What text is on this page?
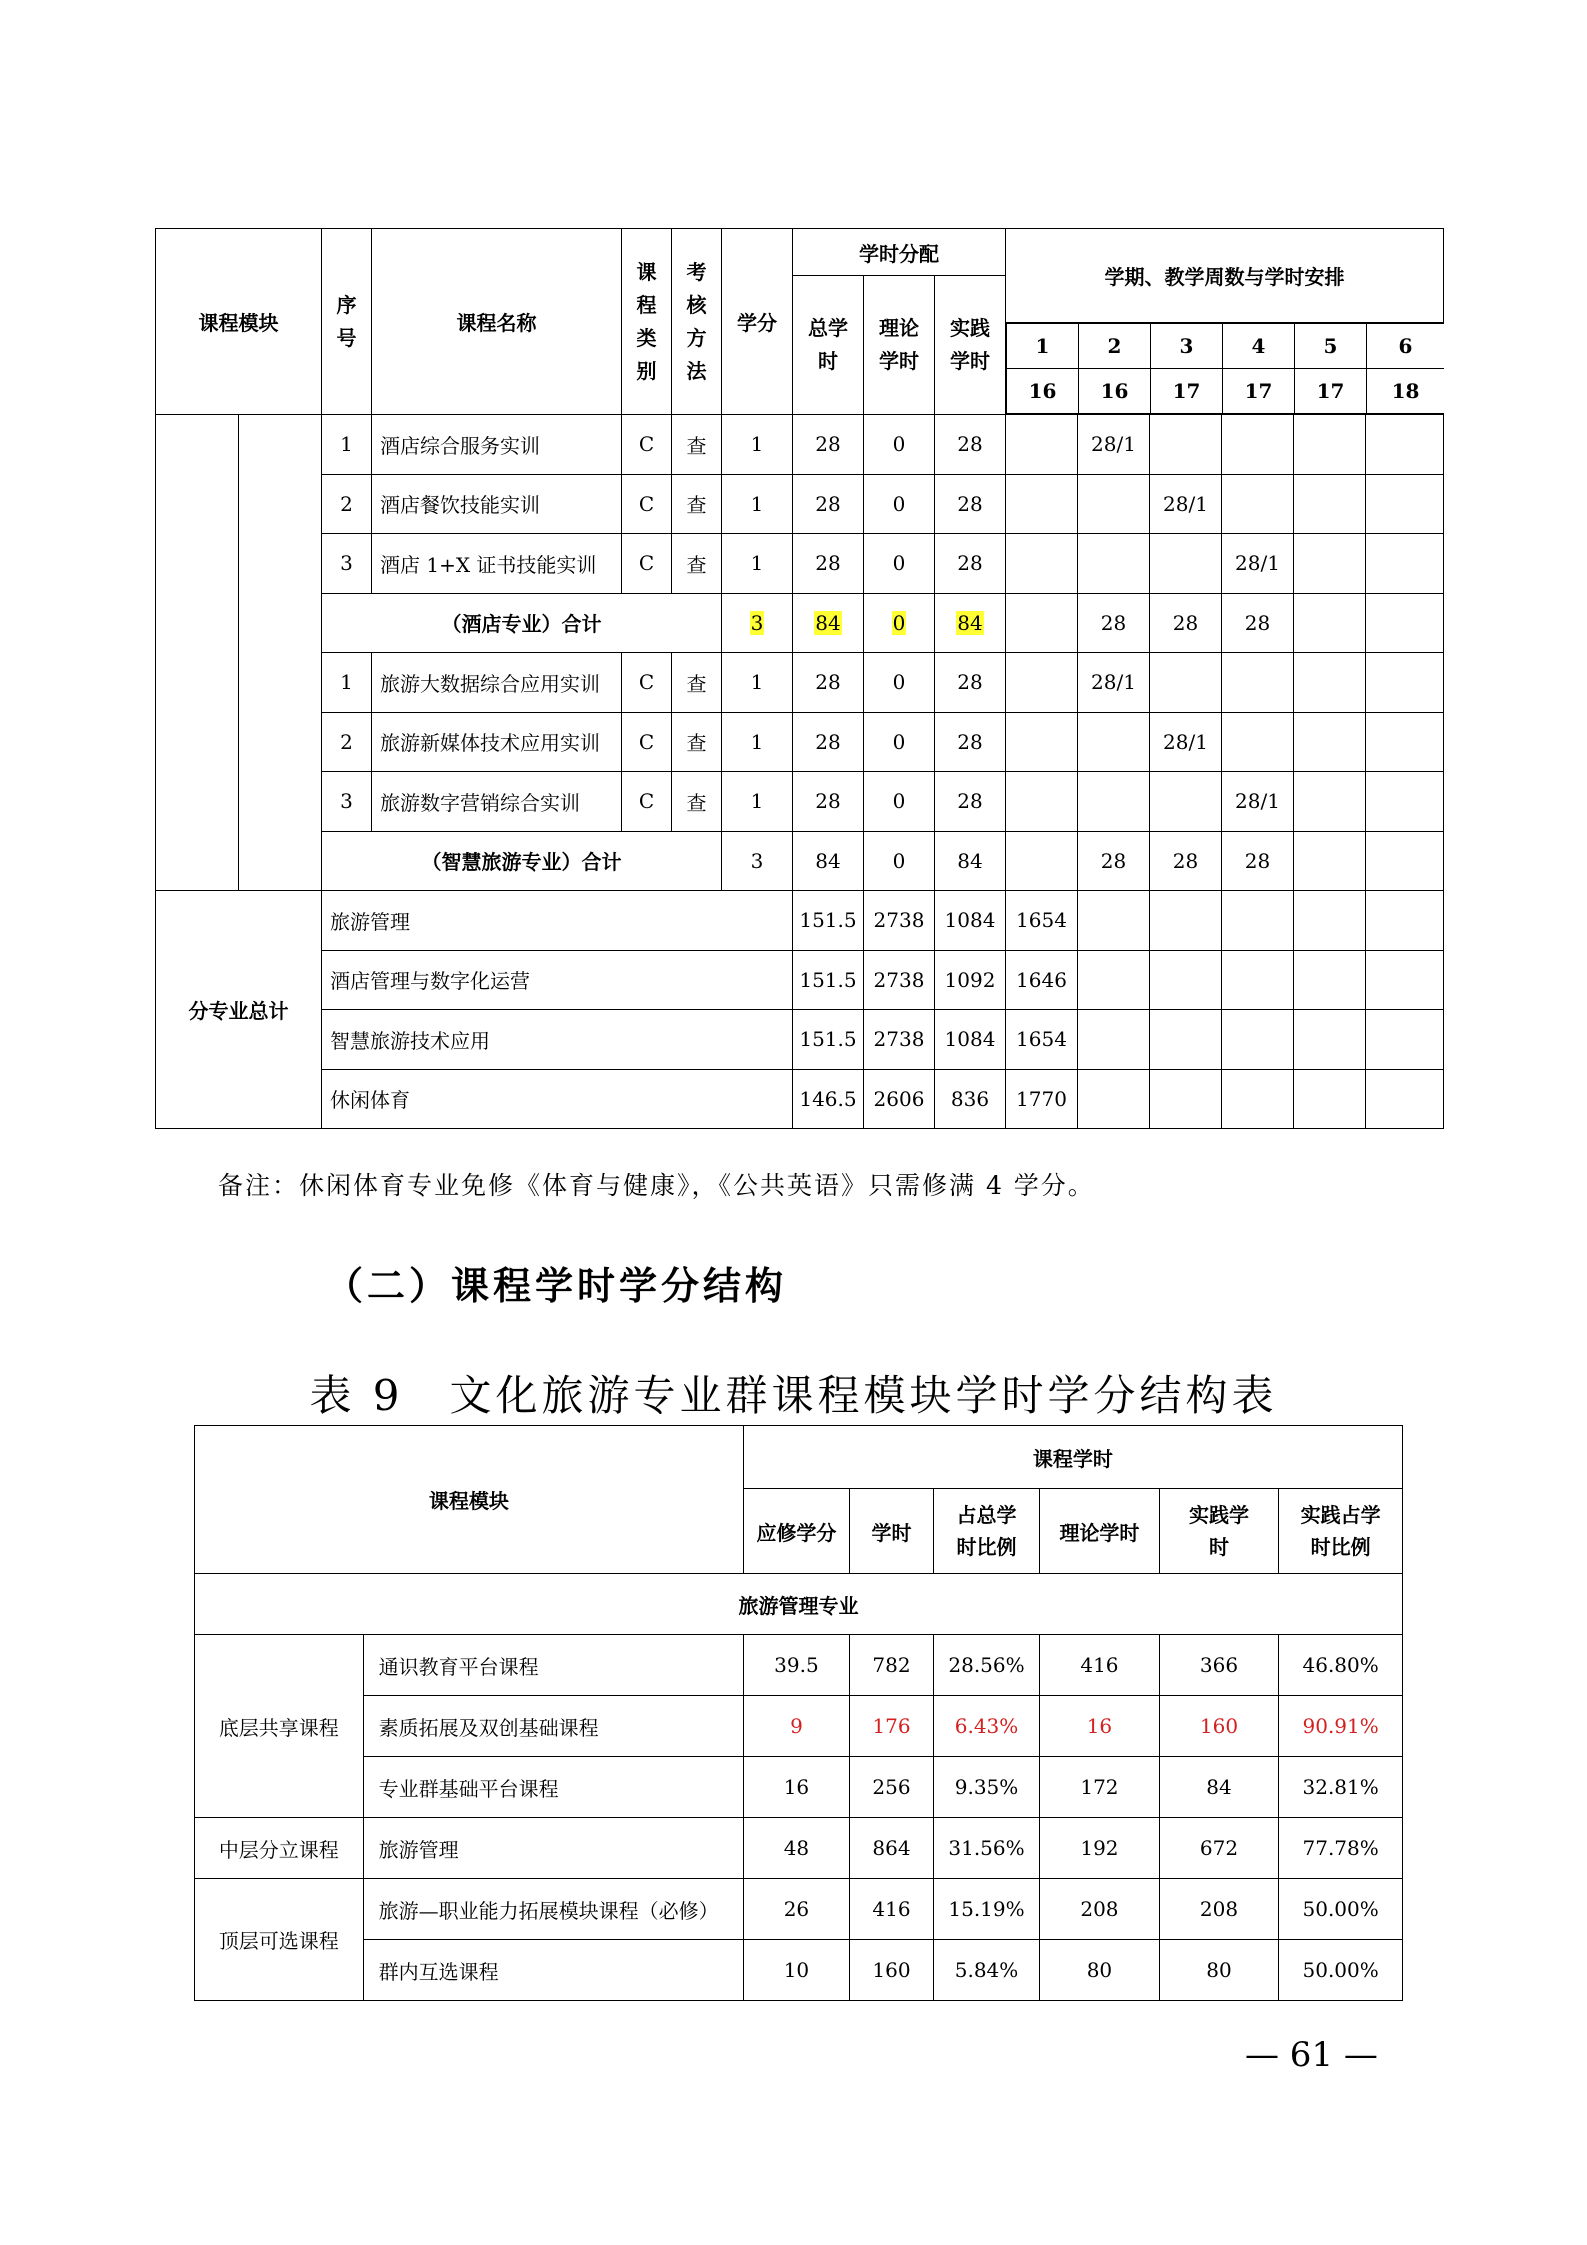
课程模块	序号	课程名称	课程类别	考核方法	学分	学时分配	学期、教学周数与学时安排
总学时	理论学时	实践学时

1	2	3	4	5	6
16	16	17	17	17	18

		1	酒店综合服务实训	C	查	1	28	0	28		28/1				
2	酒店餐饮技能实训	C	查	1	28	0	28			28/1			
3	酒店 1+X 证书技能实训	C	查	1	28	0	28				28/1		
（酒店专业）合计	3	84	0	84		28	28	28		
1	旅游大数据综合应用实训	C	查	1	28	0	28		28/1				
2	旅游新媒体技术应用实训	C	查	1	28	0	28			28/1			
3	旅游数字营销综合实训	C	查	1	28	0	28				28/1		
（智慧旅游专业）合计	3	84	0	84		28	28	28		
分专业总计	旅游管理	151.5	2738	1084	1654						
酒店管理与数字化运营	151.5	2738	1092	1646						
智慧旅游技术应用	151.5	2738	1084	1654						
休闲体育	146.5	2606	836	1770						
备注：休闲体育专业免修《体育与健康》，《公共英语》只需修满 4 学分。
（二）课程学时学分结构
表 9　文化旅游专业群课程模块学时学分结构表
课程模块		课程学时					
		应修学分	学时	占总学时比例	理论学时	实践学时	实践占学时比例
旅游管理专业							
底层共享课程	通识教育平台课程	39.5	782	28.56%	416	366	46.80%
	素质拓展及双创基础课程	9	176	6.43%	16	160	90.91%
	专业群基础平台课程	16	256	9.35%	172	84	32.81%
中层分立课程	旅游管理	48	864	31.56%	192	672	77.78%
顶层可选课程	旅游—职业能力拓展模块课程（必修）	26	416	15.19%	208	208	50.00%
	群内互选课程	10	160	5.84%	80	80	50.00%
— 61 —
